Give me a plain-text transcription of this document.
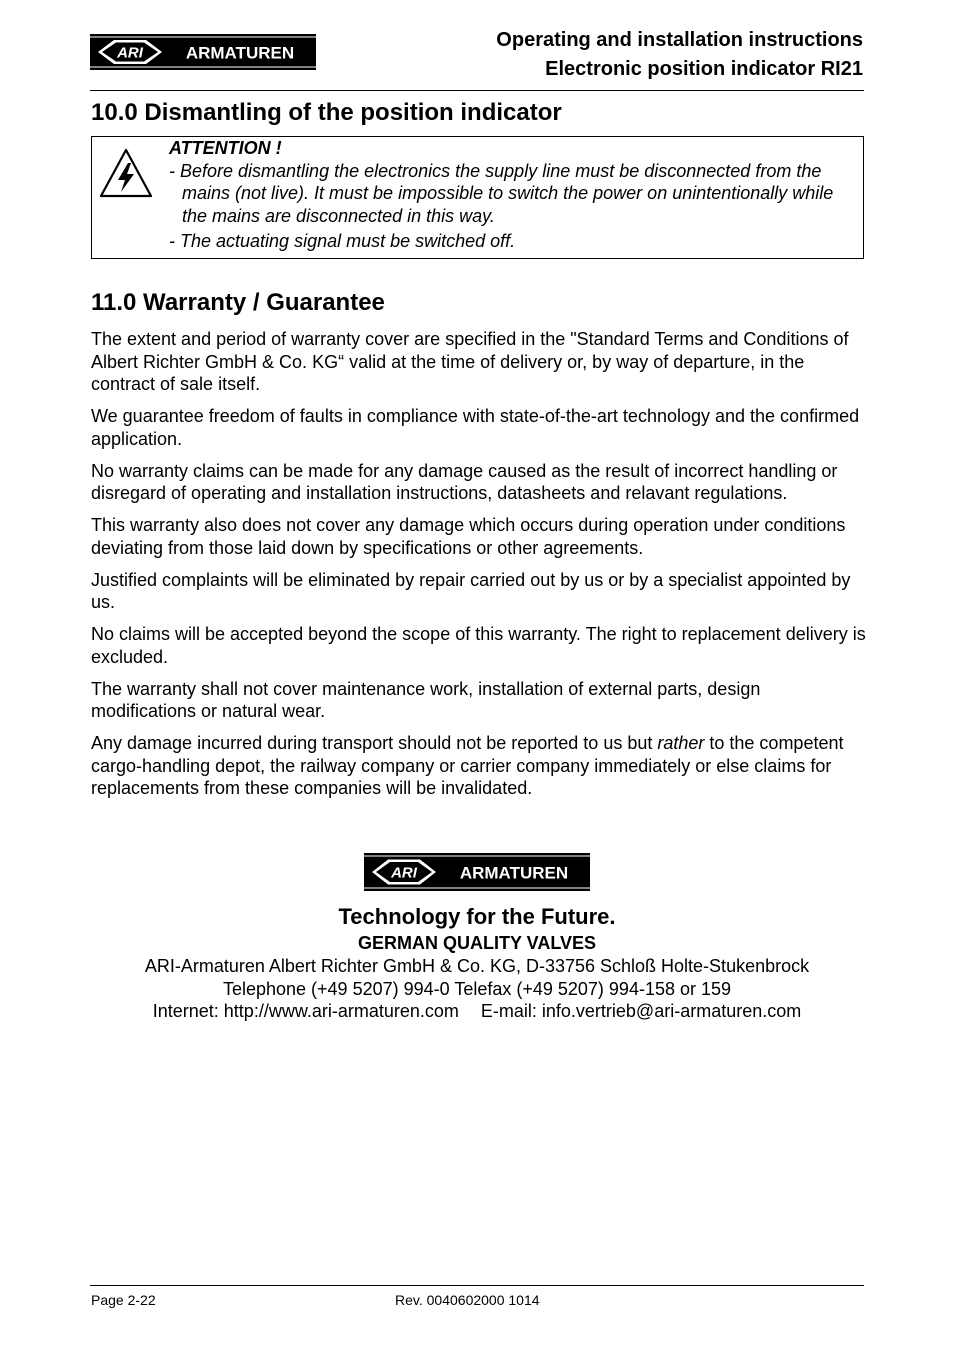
ARI	ARMATUREN
Operating and installation instructions
Electronic position indicator RI21
10.0 Dismantling of the position indicator
ATTENTION !
- Before dismantling the electronics the supply line must be disconnected from the mains (not live). It must be impossible to switch the power on unintentionally while the mains are disconnected in this way.
- The actuating signal must be switched off.
11.0 Warranty / Guarantee

The extent and period of warranty cover are specified in the "Standard Terms and Conditions of Albert Richter GmbH & Co. KG“ valid at the time of delivery or, by way of departure, in the contract of sale itself.

We guarantee freedom of faults in compliance with state-of-the-art technology and the confirmed application.

No warranty claims can be made for any damage caused as the result of incorrect handling or disregard of operating and installation instructions, datasheets and relavant regulations.

This warranty also does not cover any damage which occurs during operation under conditions deviating from those laid down by specifications or other agreements.

Justified complaints will be eliminated by repair carried out by us or by a specialist appointed by us.

No claims will be accepted beyond the scope of this warranty. The right to replacement delivery is excluded.

The warranty shall not cover maintenance work, installation of external parts, design modifications or natural wear.

Any damage incurred during transport should not be reported to us but rather to the competent cargo-handling depot, the railway company or carrier company immediately or else claims for replacements from these companies will be invalidated.

ARI	ARMATUREN
Technology for the Future.
GERMAN QUALITY VALVES
ARI-Armaturen Albert Richter GmbH & Co. KG, D-33756 Schloß Holte-Stukenbrock
Telephone (+49 5207) 994-0 Telefax (+49 5207) 994-158 or 159
Internet: http://www.ari-armaturen.com E-mail: info.vertrieb@ari-armaturen.com
Page 2-22	Rev. 0040602000 1014
